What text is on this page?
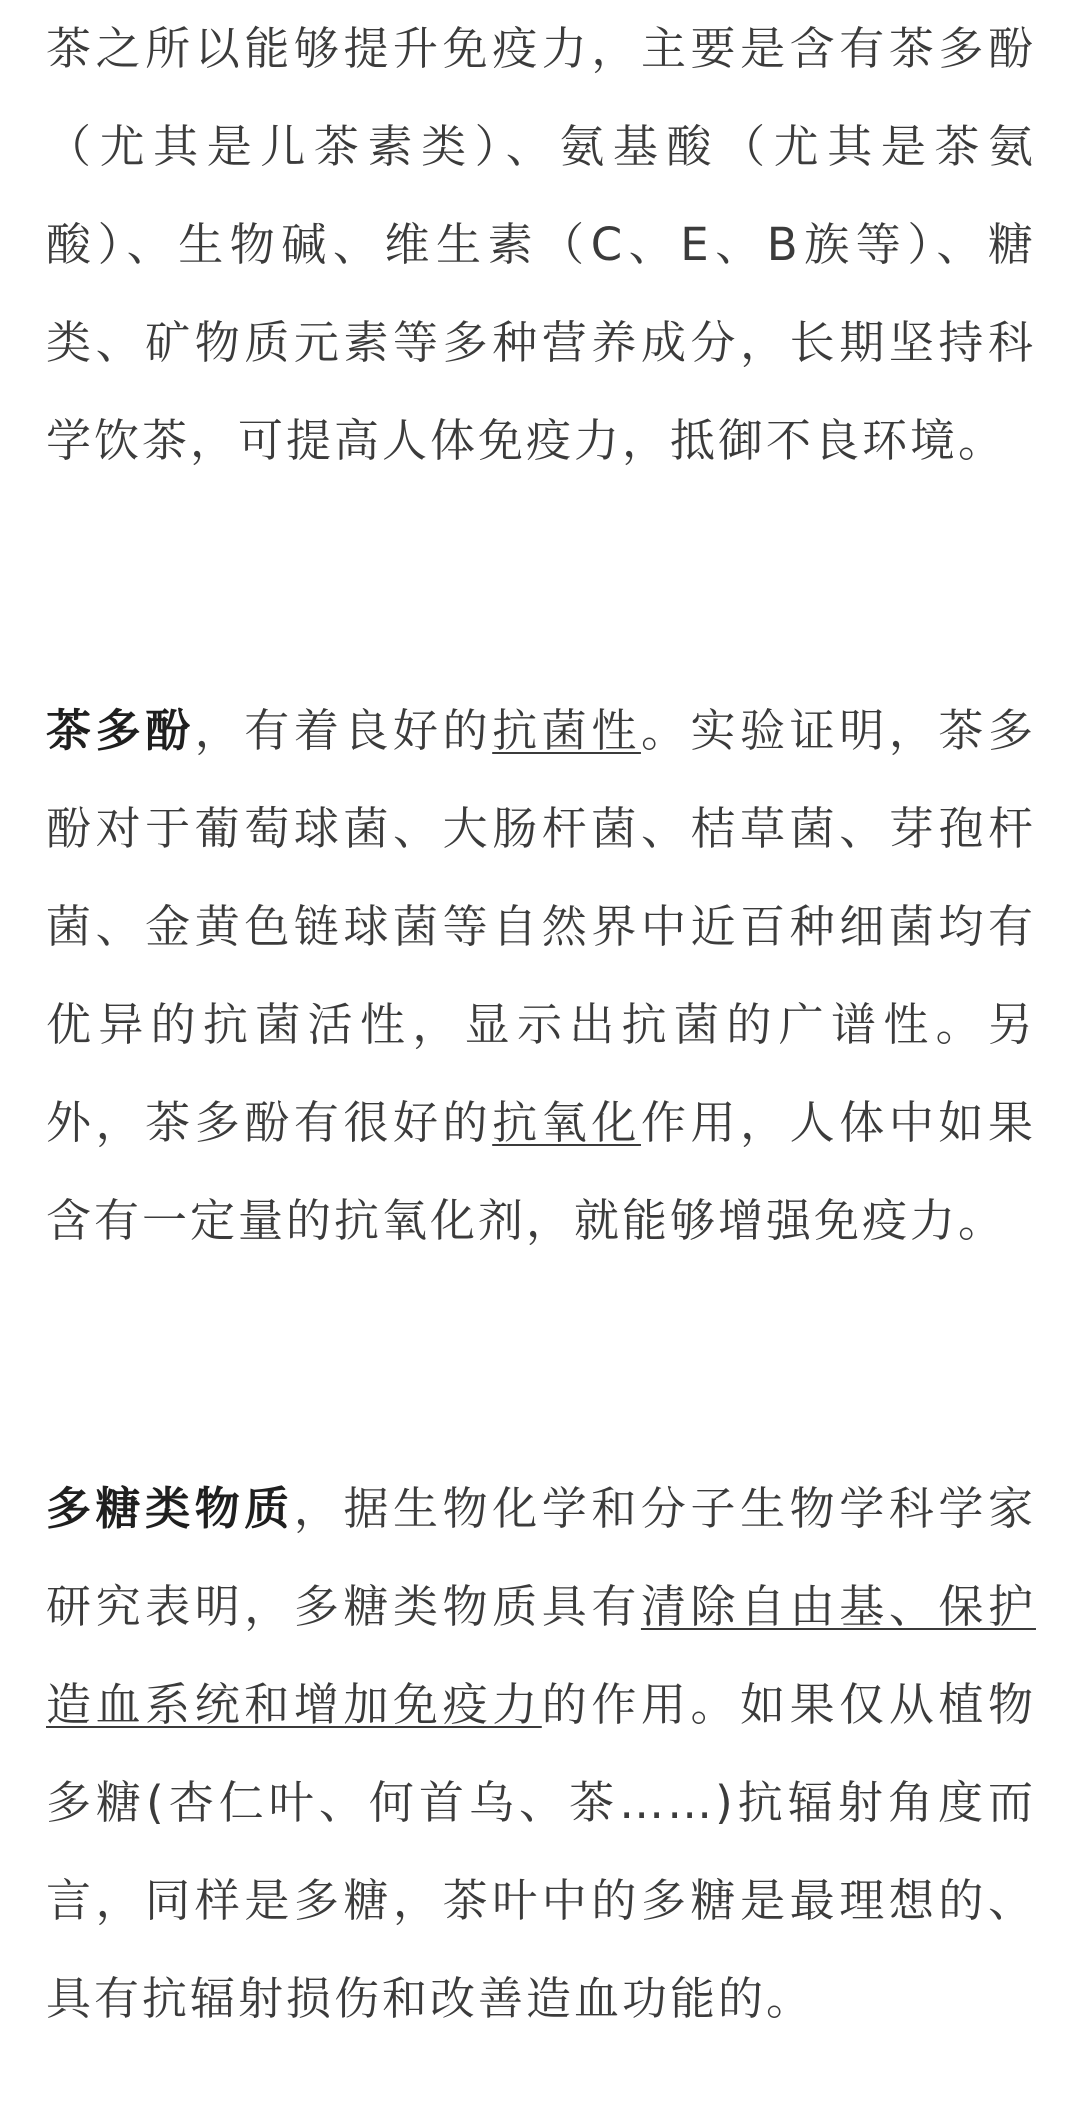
茶之所以能够提升免疫力，主要是含有茶多酚（尤其是儿茶素类）、氨基酸（尤其是茶氨酸）、生物碱、维生素（C、E、B族等）、糖类、矿物质元素等多种营养成分，长期坚持科学饮茶，可提高人体免疫力，抵御不良环境。

茶多酚，有着良好的抗菌性。实验证明，茶多酚对于葡萄球菌、大肠杆菌、桔草菌、芽孢杆菌、金黄色链球菌等自然界中近百种细菌均有优异的抗菌活性，显示出抗菌的广谱性。另外，茶多酚有很好的抗氧化作用，人体中如果含有一定量的抗氧化剂，就能够增强免疫力。

多糖类物质，据生物化学和分子生物学科学家研究表明，多糖类物质具有清除自由基、保护造血系统和增加免疫力的作用。如果仅从植物多糖(杏仁叶、何首乌、茶……)抗辐射角度而言，同样是多糖，茶叶中的多糖是最理想的、具有抗辐射损伤和改善造血功能的。
